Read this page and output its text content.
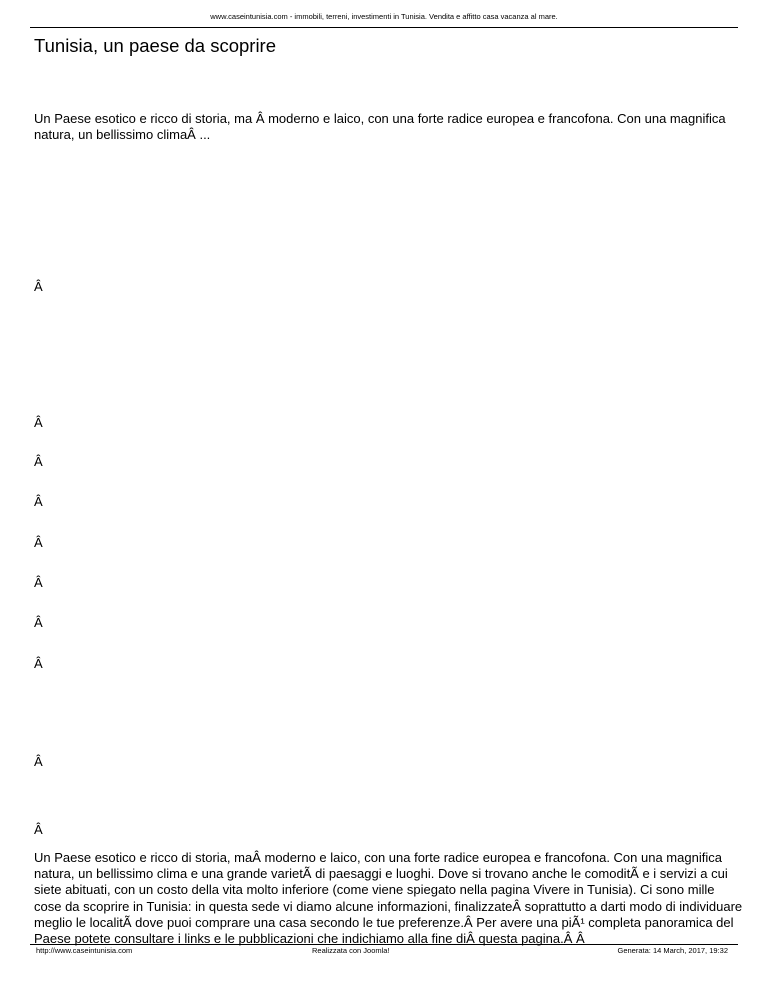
www.caseintunisia.com - immobili, terreni, investimenti in Tunisia. Vendita e affitto casa vacanza al mare.
Tunisia, un paese da scoprire

Un Paese esotico e ricco di storia, ma Â moderno e laico, con una forte radice europea e francofona. Con una magnifica natura, un bellissimo climaÂ ...

Â

Â

Â

Â

Â

Â

Â

Â

Â

Â

Un Paese esotico e ricco di storia, maÂ moderno e laico, con una forte radice europea e francofona. Con una magnifica natura, un bellissimo clima e una grande varietÃ di paesaggi e luoghi. Dove si trovano anche le comoditÃ e i servizi a cui siete abituati, con un costo della vita molto inferiore (come viene spiegato nella pagina Vivere in Tunisia). Ci sono mille cose da scoprire in Tunisia: in questa sede vi diamo alcune informazioni, finalizzateÂ soprattutto a darti modo di individuare meglio le localitÃ dove puoi comprare una casa secondo le tue preferenze.Â Per avere una piÃ¹ completa panoramica del Paese potete consultare i links e le pubblicazioni che indichiamo alla fine diÂ questa pagina.Â Â

http://www.caseintunisia.com	Realizzata con Joomla!	Generata: 14 March, 2017, 19:32
